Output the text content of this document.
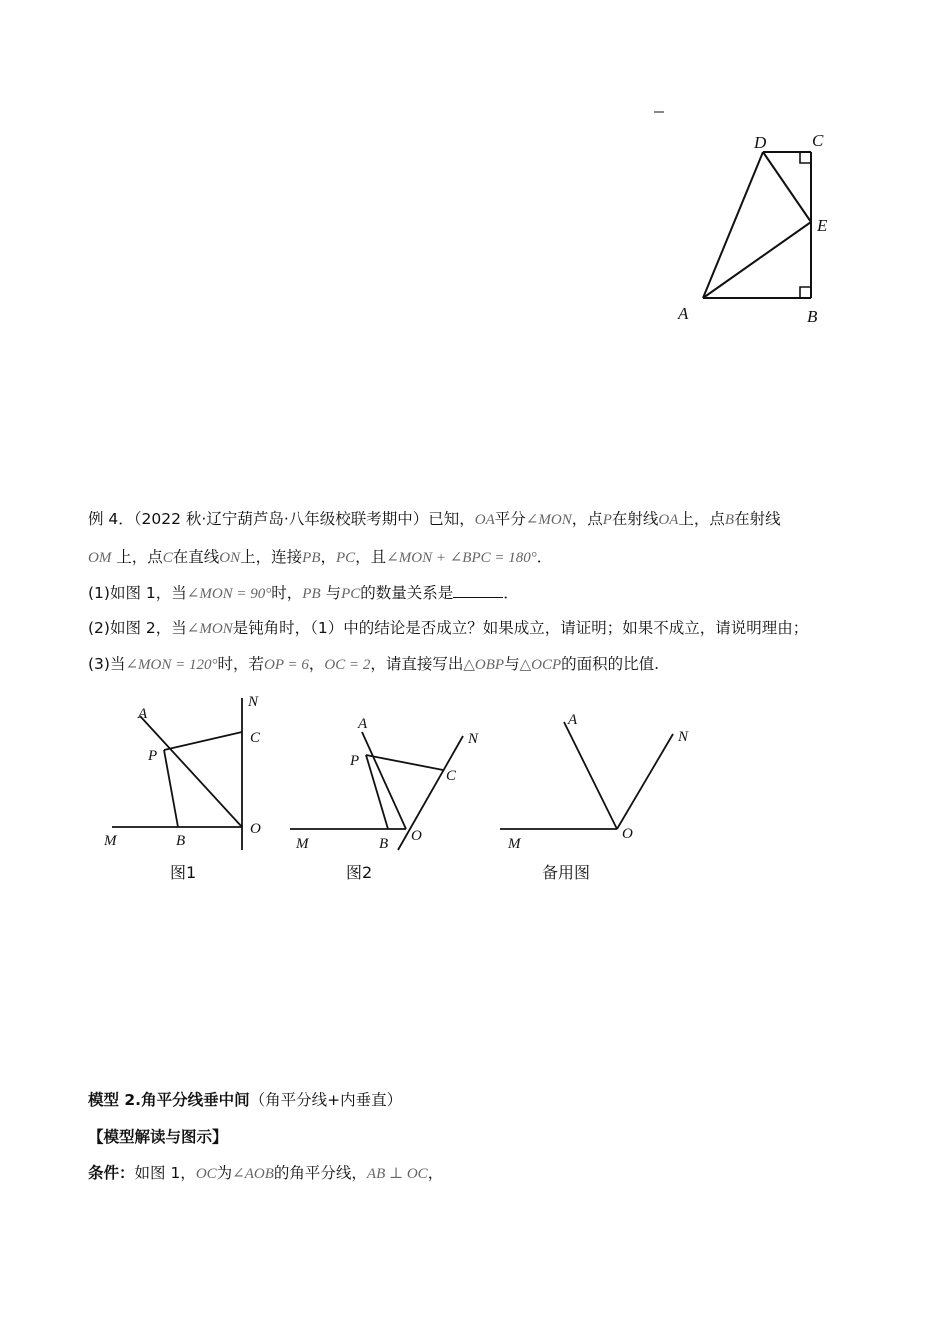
A	B
C
D
E
例 4．（2022 秋·辽宁葫芦岛·八年级校联考期中）已知，OA平分∠MON，点P在射线OA上，点B在射线
OM 上，点C在直线ON上，连接PB，PC，且∠MON + ∠BPC = 180°．
(1)如图 1，当∠MON = 90°时，PB 与PC的数量关系是	．
(2)如图 2，当∠MON是钝角时，（1）中的结论是否成立？如果成立，请证明；如果不成立，请说明理由；
(3)当∠MON = 120°时，若OP = 6，OC = 2，请直接写出△OBP与△OCP的面积的比值.
A
N
C
P
M	B
O
图1
A
N
C
P
M	B O
图2
A
N
M
O
备用图
模型 2.角平分线垂中间（角平分线+内垂直）
【模型解读与图示】
条件：如图 1，OC为∠AOB的角平分线，AB ⊥ OC，
